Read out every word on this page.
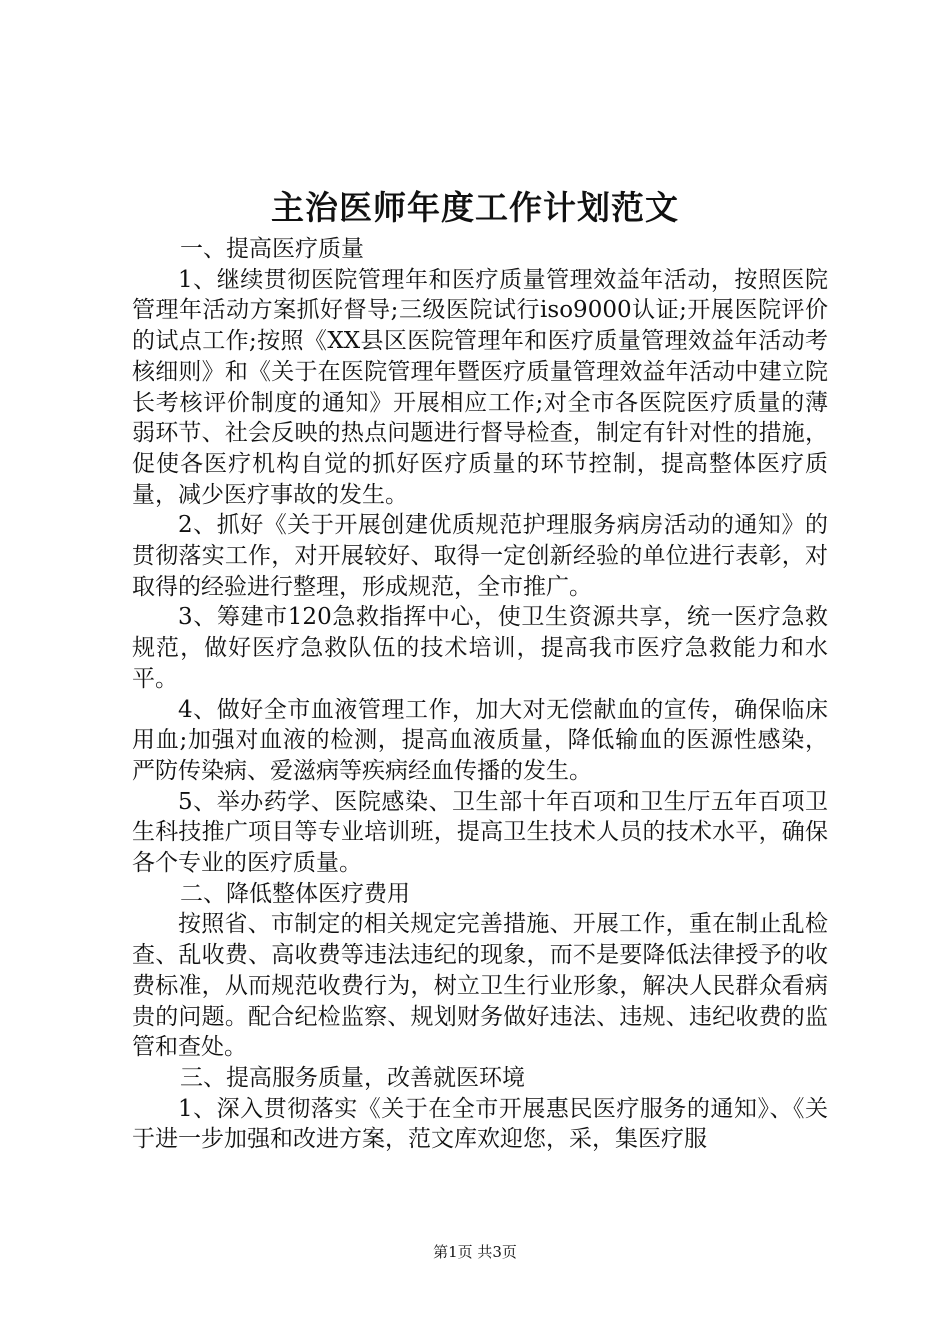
主治医师年度工作计划范文

一、提高医疗质量

1、继续贯彻医院管理年和医疗质量管理效益年活动，按照医院管理年活动方案抓好督导;三级医院试行iso9000认证;开展医院评价的试点工作;按照《XX县区医院管理年和医疗质量管理效益年活动考核细则》和《关于在医院管理年暨医疗质量管理效益年活动中建立院长考核评价制度的通知》开展相应工作;对全市各医院医疗质量的薄弱环节、社会反映的热点问题进行督导检查，制定有针对性的措施，促使各医疗机构自觉的抓好医疗质量的环节控制，提高整体医疗质量，减少医疗事故的发生。

2、抓好《关于开展创建优质规范护理服务病房活动的通知》的贯彻落实工作，对开展较好、取得一定创新经验的单位进行表彰，对取得的经验进行整理，形成规范，全市推广。

3、筹建市120急救指挥中心，使卫生资源共享，统一医疗急救规范，做好医疗急救队伍的技术培训，提高我市医疗急救能力和水平。

4、做好全市血液管理工作，加大对无偿献血的宣传，确保临床用血;加强对血液的检测，提高血液质量，降低输血的医源性感染，严防传染病、爱滋病等疾病经血传播的发生。

5、举办药学、医院感染、卫生部十年百项和卫生厅五年百项卫生科技推广项目等专业培训班，提高卫生技术人员的技术水平，确保各个专业的医疗质量。

二、降低整体医疗费用

按照省、市制定的相关规定完善措施、开展工作，重在制止乱检查、乱收费、高收费等违法违纪的现象，而不是要降低法律授予的收费标准，从而规范收费行为，树立卫生行业形象，解决人民群众看病贵的问题。配合纪检监察、规划财务做好违法、违规、违纪收费的监管和查处。

三、提高服务质量，改善就医环境

1、深入贯彻落实《关于在全市开展惠民医疗服务的通知》、《关于进一步加强和改进方案，范文库欢迎您，采，集医疗服

第1页 共3页
